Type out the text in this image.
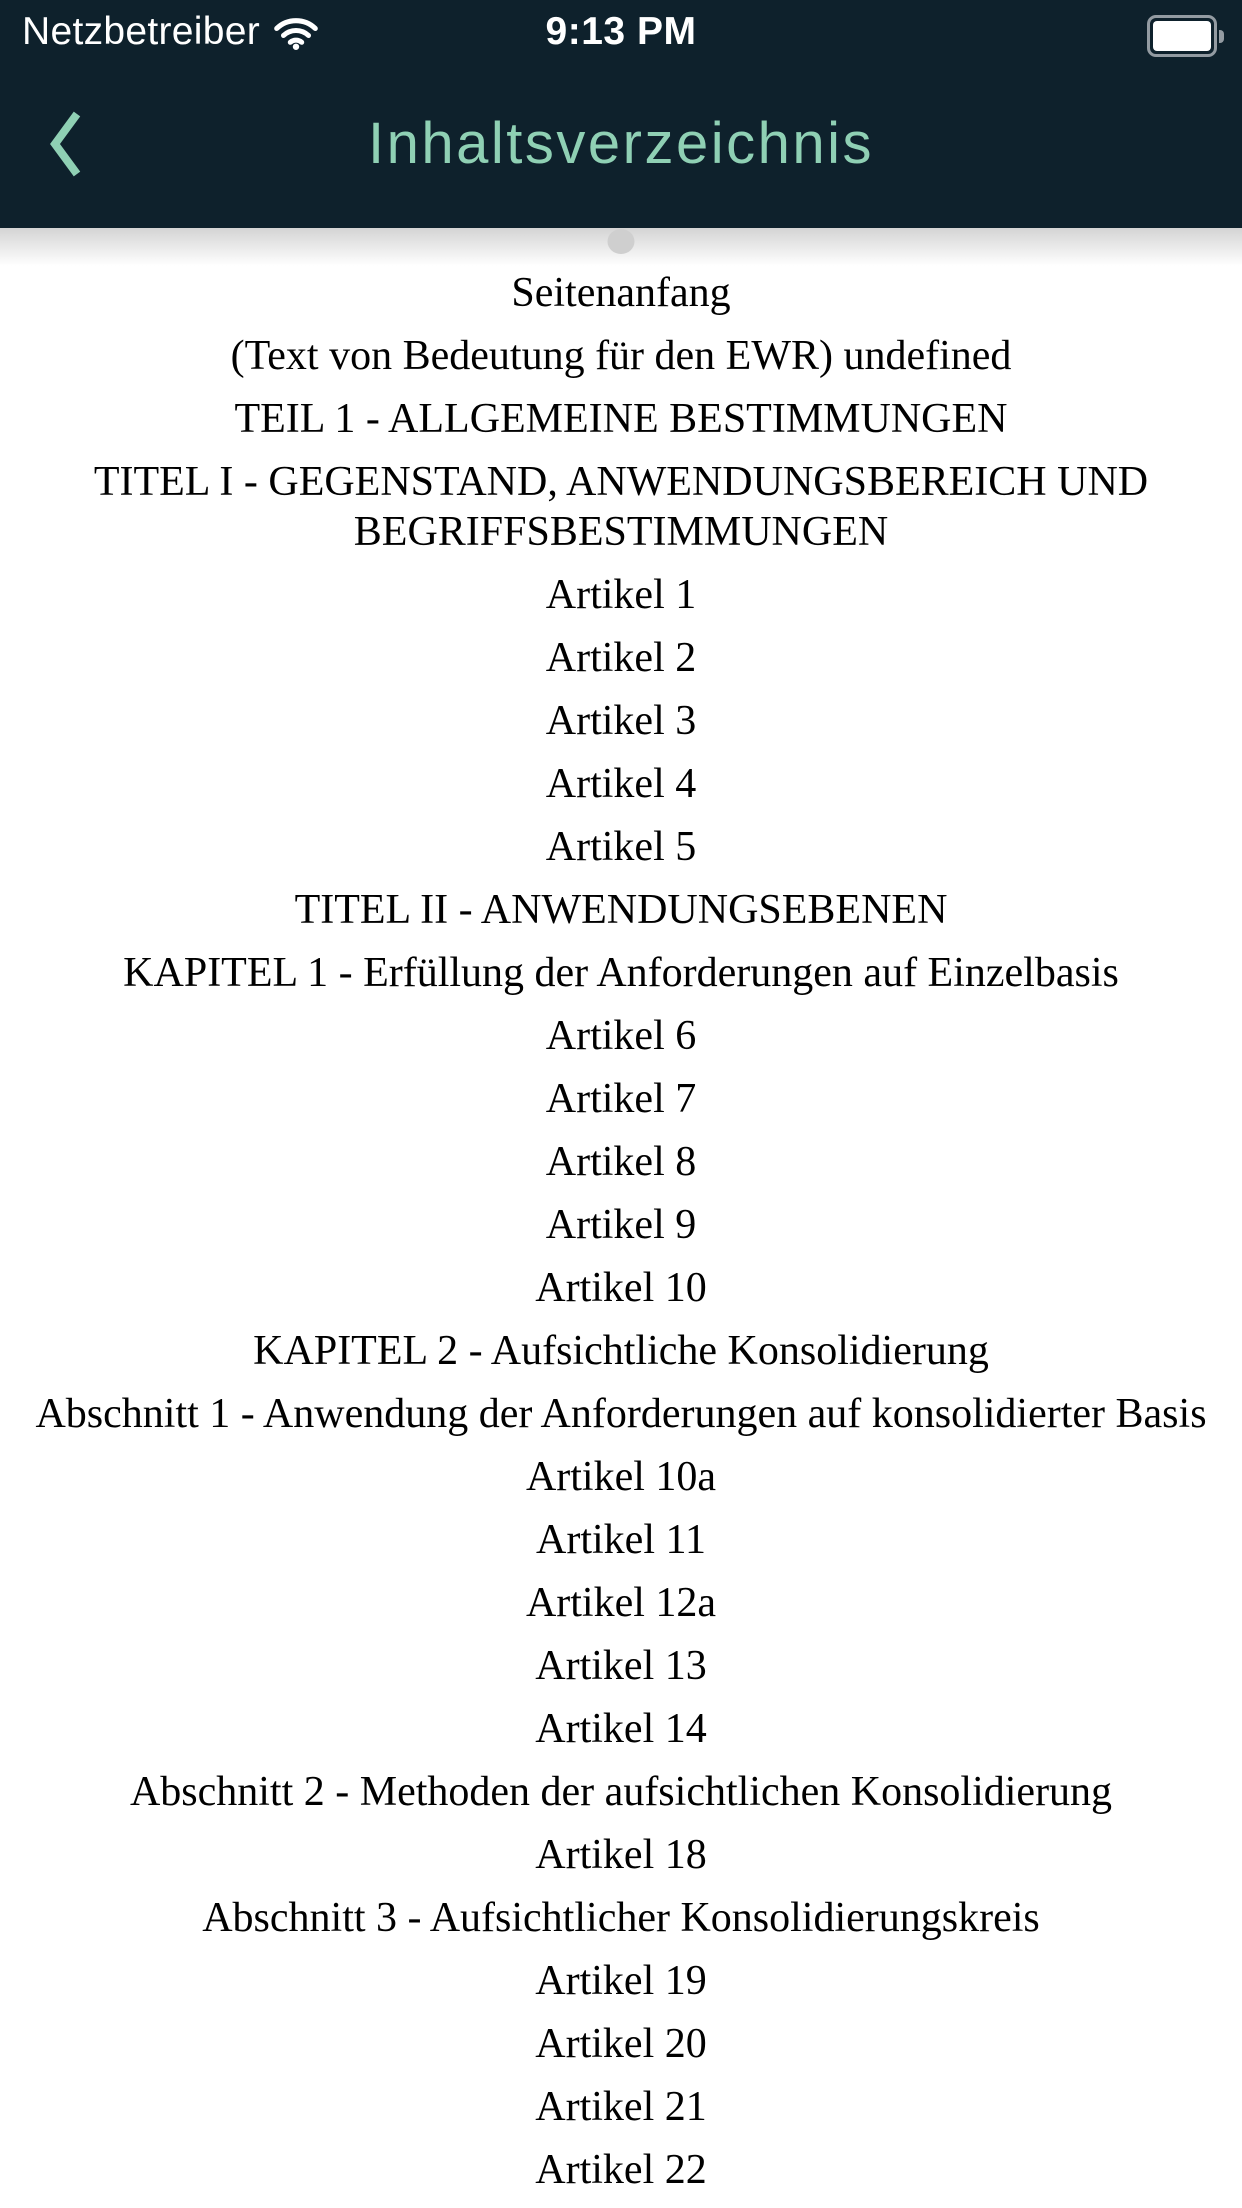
Netzbetreiber	9:13 PM
Inhaltsverzeichnis
Seitenanfang
(Text von Bedeutung für den EWR) undefined
TEIL 1 - ALLGEMEINE BESTIMMUNGEN
TITEL I - GEGENSTAND, ANWENDUNGSBEREICH UND BEGRIFFSBESTIMMUNGEN
Artikel 1
Artikel 2
Artikel 3
Artikel 4
Artikel 5
TITEL II - ANWENDUNGSEBENEN
KAPITEL 1 - Erfüllung der Anforderungen auf Einzelbasis
Artikel 6
Artikel 7
Artikel 8
Artikel 9
Artikel 10
KAPITEL 2 - Aufsichtliche Konsolidierung
Abschnitt 1 - Anwendung der Anforderungen auf konsolidierter Basis
Artikel 10a
Artikel 11
Artikel 12a
Artikel 13
Artikel 14
Abschnitt 2 - Methoden der aufsichtlichen Konsolidierung
Artikel 18
Abschnitt 3 - Aufsichtlicher Konsolidierungskreis
Artikel 19
Artikel 20
Artikel 21
Artikel 22
